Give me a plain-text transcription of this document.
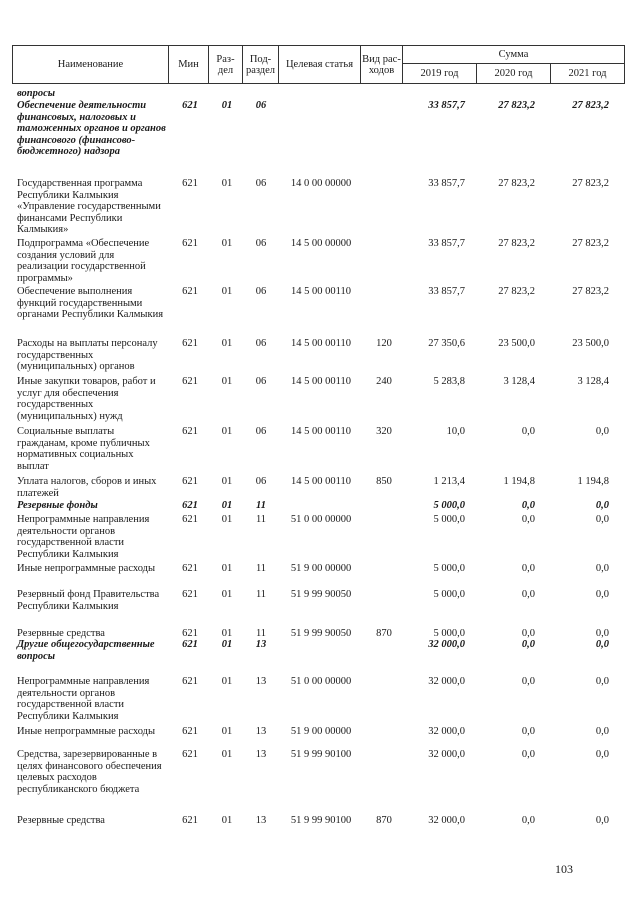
Наименование	Мин	Раз-дел	Под-раздел	Целевая статья	Вид рас-ходов	Сумма		
						2019 год	2020 год	2021 год
вопросы
Обеспечение деятельности финансовых, налоговых и таможенных органов и органов финансового (финансово-бюджетного) надзора
621	01	06	33 857,7	27 823,2	27 823,2
Государственная программа Республики Калмыкия «Управление государственными финансами Республики Калмыкия»
621	01	06	14 0 00 00000	33 857,7	27 823,2	27 823,2
Подпрограмма «Обеспечение создания условий для реализации государственной программы»
621	01	06	14 5 00 00000	33 857,7	27 823,2	27 823,2
Обеспечение выполнения функций государственными органами Республики Калмыкия
621	01	06	14 5 00 00110	33 857,7	27 823,2	27 823,2
Расходы на выплаты персоналу государственных (муниципальных) органов
621	01	06	14 5 00 00110	120	27 350,6	23 500,0	23 500,0
Иные закупки товаров, работ и услуг для обеспечения государственных (муниципальных) нужд
621	01	06	14 5 00 00110	240	5 283,8	3 128,4	3 128,4
Социальные выплаты гражданам, кроме публичных нормативных социальных выплат
621	01	06	14 5 00 00110	320	10,0	0,0	0,0
Уплата налогов, сборов и иных платежей
621	01	06	14 5 00 00110	850	1 213,4	1 194,8	1 194,8
Резервные фонды	621	01	11	5 000,0	0,0	0,0
Непрограммные направления деятельности органов государственной власти Республики Калмыкия
621	01	11	51 0 00 00000	5 000,0	0,0	0,0
Иные непрограммные расходы	621	01	11	51 9 00 00000	5 000,0	0,0	0,0
Резервный фонд Правительства Республики Калмыкия
621	01	11	51 9 99 90050	5 000,0	0,0	0,0
Резервные средства	621	01	11	51 9 99 90050	870	5 000,0	0,0	0,0
Другие общегосударственные вопросы
621	01	13	32 000,0	0,0	0,0
Непрограммные направления деятельности органов государственной власти Республики Калмыкия
621	01	13	51 0 00 00000	32 000,0	0,0	0,0
Иные непрограммные расходы	621	01	13	51 9 00 00000	32 000,0	0,0	0,0
Средства, зарезервированные в целях финансового обеспечения целевых расходов республиканского бюджета
621	01	13	51 9 99 90100	32 000,0	0,0	0,0
Резервные средства	621	01	13	51 9 99 90100	870	32 000,0	0,0	0,0
103
